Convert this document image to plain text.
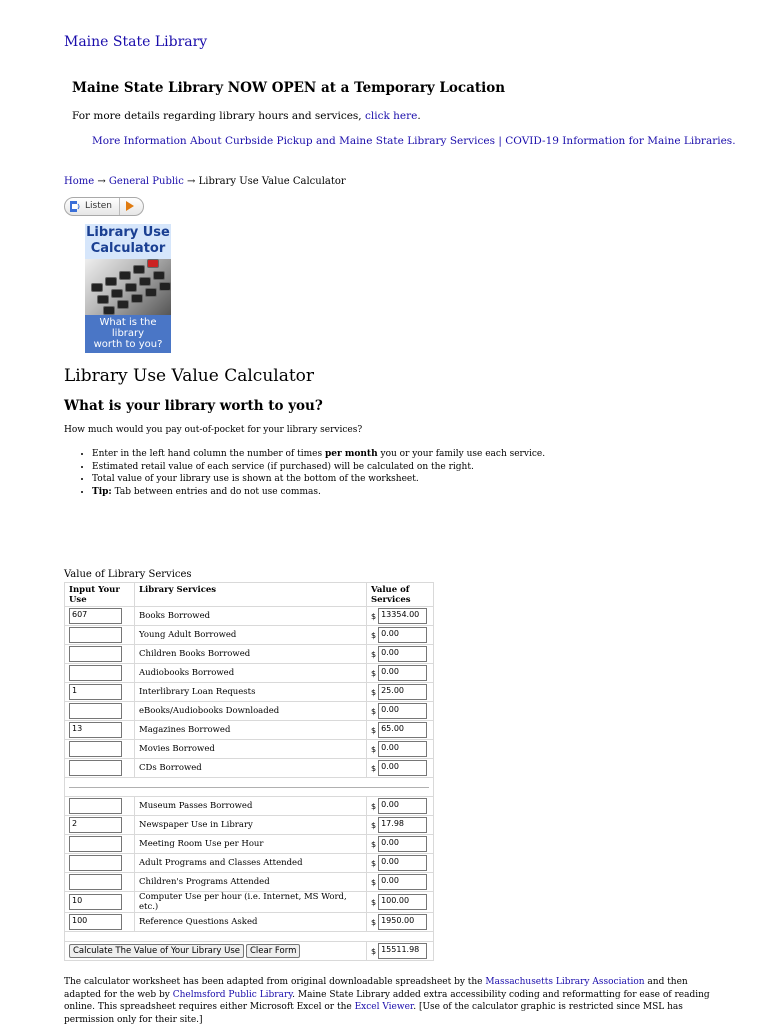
Maine State Library
Maine State Library NOW OPEN at a Temporary Location
For more details regarding library hours and services, click here.
More Information About Curbside Pickup and Maine State Library Services | COVID-19 Information for Maine Libraries.
Home → General Public → Library Use Value Calculator
Listen
Library Use
Calculator
What is the
library
worth to you?
Library Use Value Calculator
What is your library worth to you?
How much would you pay out-of-pocket for your library services?
• Enter in the left hand column the number of times per month you or your family use each service.
• Estimated retail value of each service (if purchased) will be calculated on the right.
• Total value of your library use is shown at the bottom of the worksheet.
• Tip: Tab between entries and do not use commas.
Value of Library Services
Input Your Use	Library Services	Value of Services

607	Books Borrowed	$ 13354.00

	Young Adult Borrowed	$ 0.00

	Children Books Borrowed	$ 0.00

	Audiobooks Borrowed	$ 0.00

1	Interlibrary Loan Requests	$ 25.00

	eBooks/Audiobooks Downloaded	$ 0.00

13	Magazines Borrowed	$ 65.00

	Movies Borrowed	$ 0.00

	CDs Borrowed	$ 0.00

	Museum Passes Borrowed	$ 0.00

2	Newspaper Use in Library	$ 17.98

	Meeting Room Use per Hour	$ 0.00

	Adult Programs and Classes Attended	$ 0.00

	Children's Programs Attended	$ 0.00

10	Computer Use per hour (i.e. Internet, MS Word, etc.)	$ 100.00

100	Reference Questions Asked	$ 1950.00

Calculate The Value of Your Library Use Clear Form		$ 15511.98
The calculator worksheet has been adapted from original downloadable spreadsheet by the Massachusetts Library Association and then adapted for the web by Chelmsford Public Library. Maine State Library added extra accessibility coding and reformatting for ease of reading online. This spreadsheet requires either Microsoft Excel or the Excel Viewer. [Use of the calculator graphic is restricted since MSL has permission only for their site.]
